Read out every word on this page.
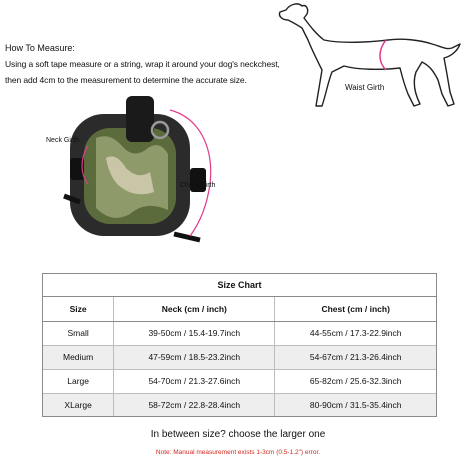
How To Measure:
Using a soft tape measure or a string, wrap it around your dog's neckchest,
then add 4cm to the measurement to determine the accurate size.
Waist Girth
Neck Girth
Chest Girth
Size Chart		
Size	Neck (cm / inch)	Chest (cm / inch)
Small	39-50cm / 15.4-19.7inch	44-55cm / 17.3-22.9inch
Medium	47-59cm / 18.5-23.2inch	54-67cm / 21.3-26.4inch
Large	54-70cm / 21.3-27.6inch	65-82cm / 25.6-32.3inch
XLarge	58-72cm / 22.8-28.4inch	80-90cm / 31.5-35.4inch
In between size? choose the larger one
Note: Manual measurement exists 1-3cm (0.5-1.2") error.
